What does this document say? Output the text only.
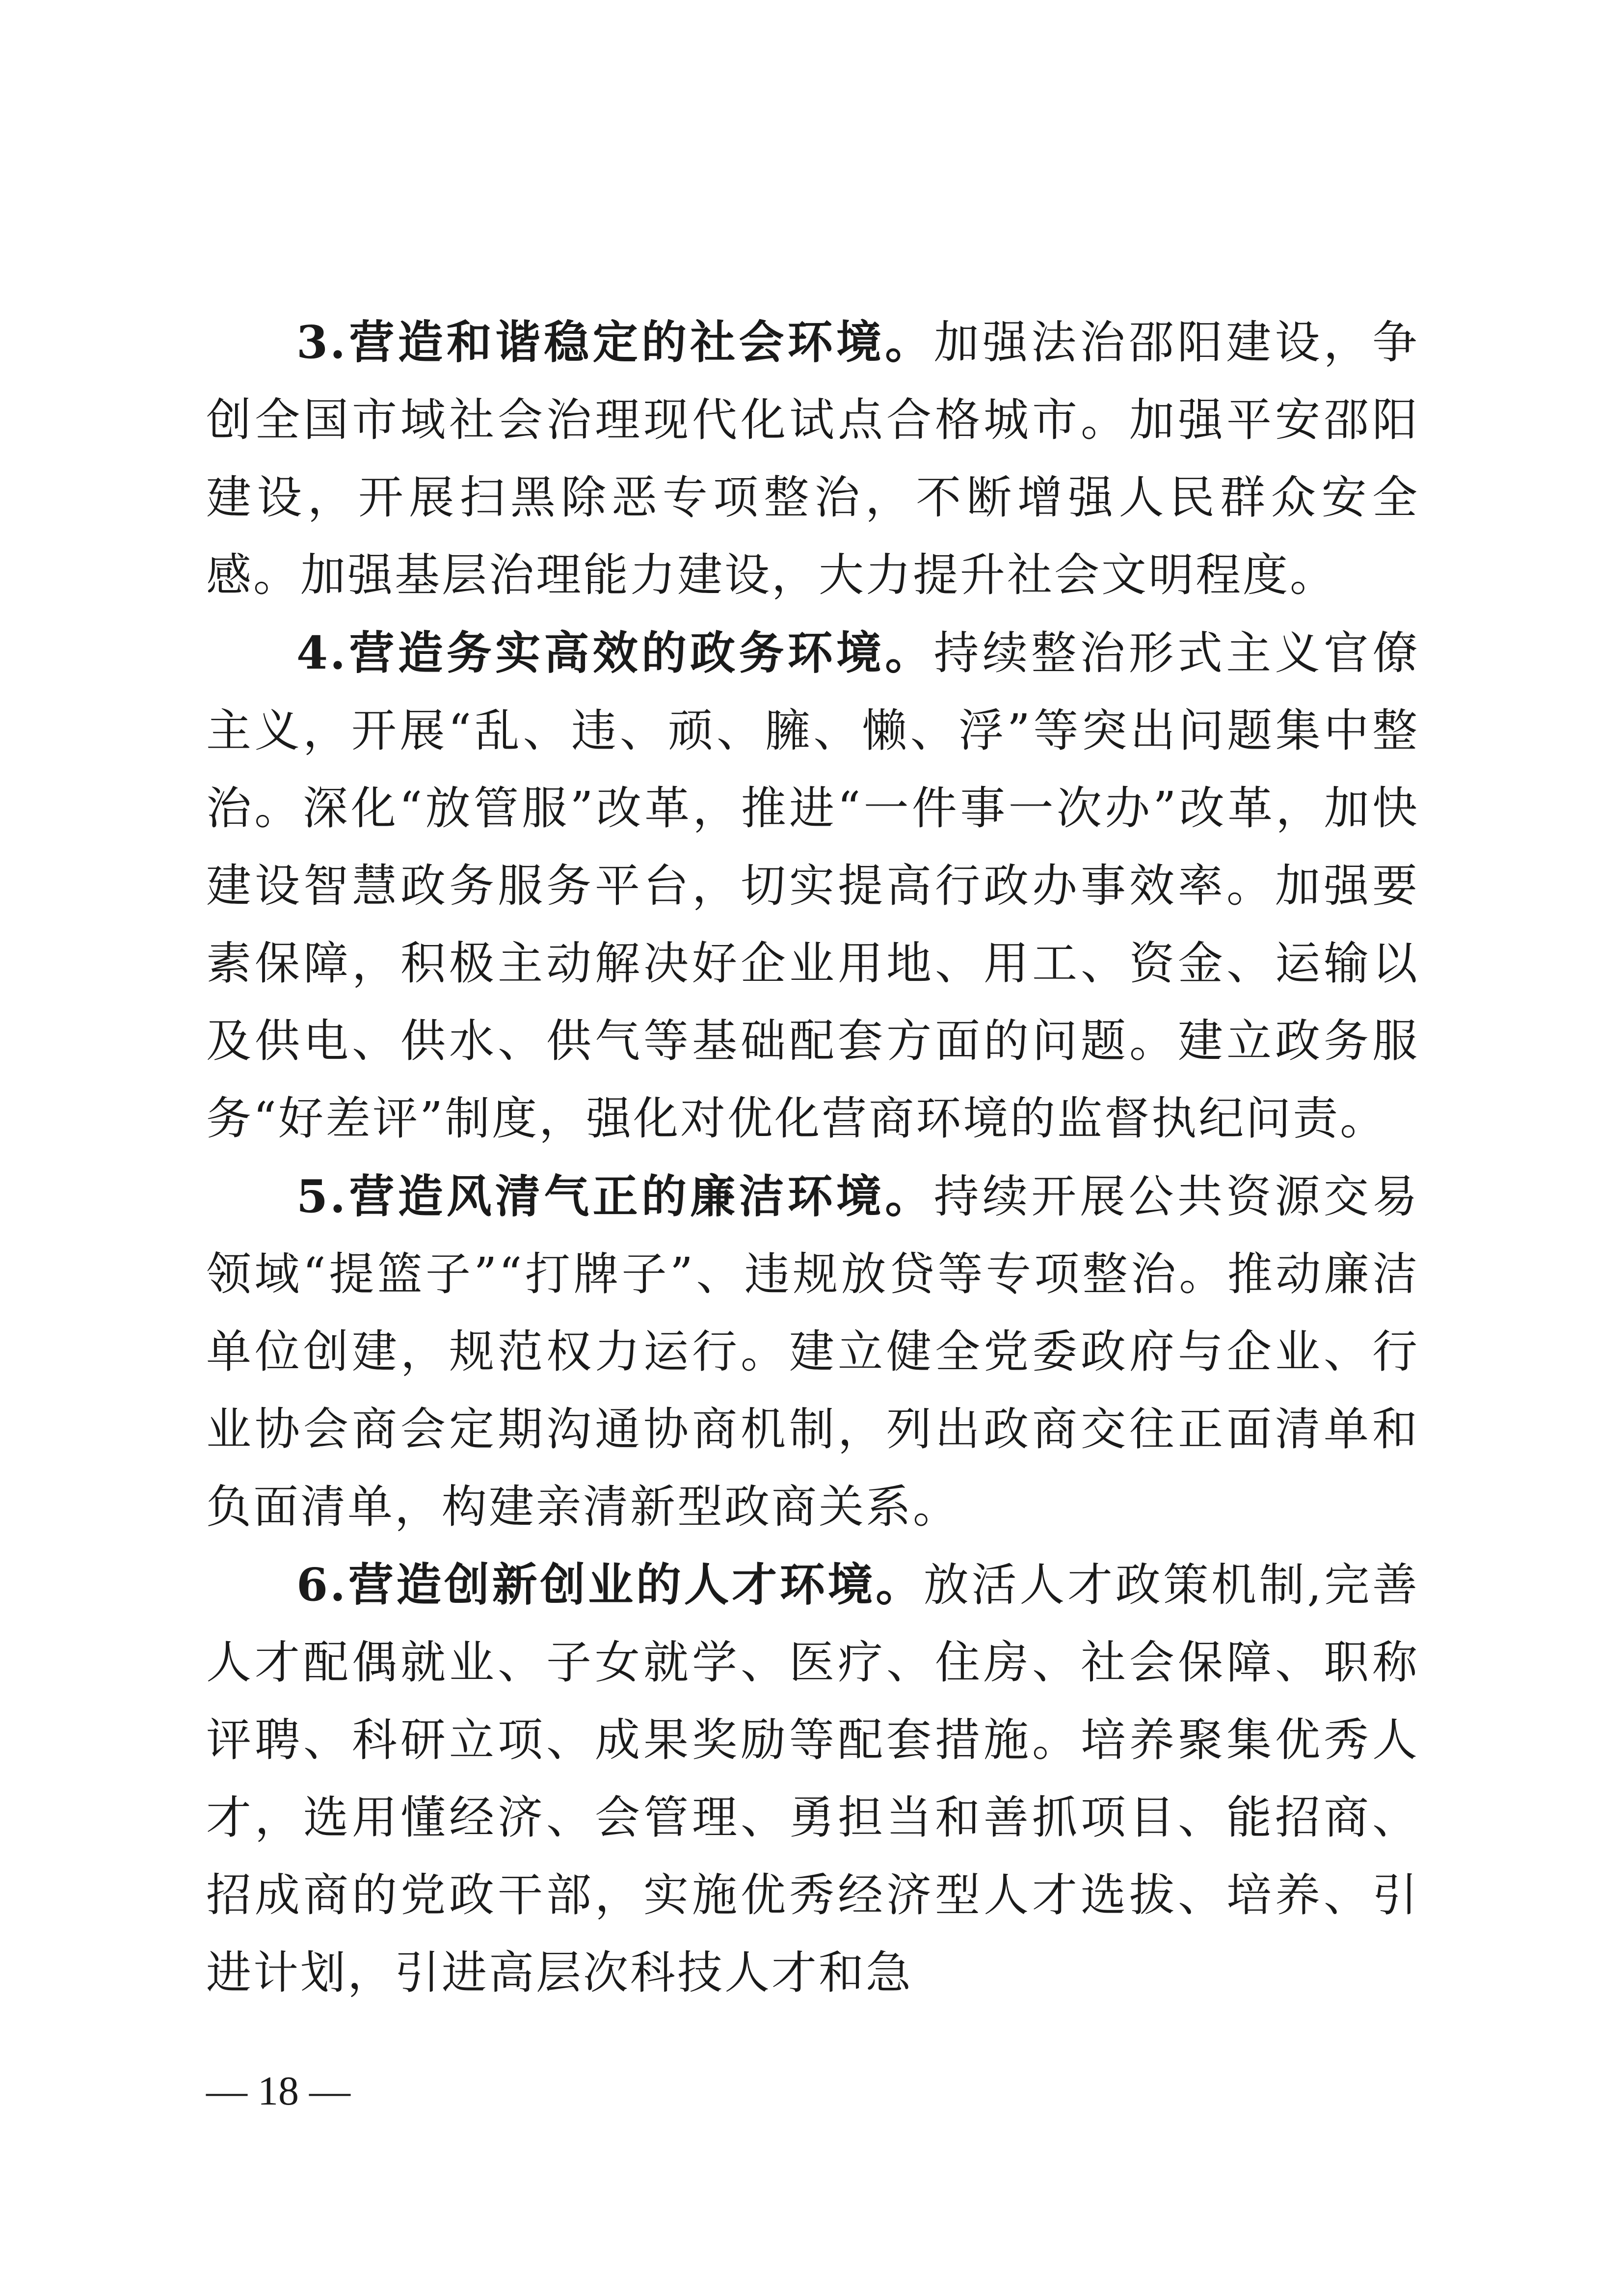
3.营造和谐稳定的社会环境。加强法治邵阳建设，争创全国市域社会治理现代化试点合格城市。加强平安邵阳建设，开展扫黑除恶专项整治，不断增强人民群众安全感。加强基层治理能力建设，大力提升社会文明程度。

4.营造务实高效的政务环境。持续整治形式主义官僚主义，开展“乱、违、顽、臃、懒、浮”等突出问题集中整治。深化“放管服”改革，推进“一件事一次办”改革，加快建设智慧政务服务平台，切实提高行政办事效率。加强要素保障，积极主动解决好企业用地、用工、资金、运输以及供电、供水、供气等基础配套方面的问题。建立政务服务“好差评”制度，强化对优化营商环境的监督执纪问责。

5.营造风清气正的廉洁环境。持续开展公共资源交易领域“提篮子”“打牌子”、违规放贷等专项整治。推动廉洁单位创建，规范权力运行。建立健全党委政府与企业、行业协会商会定期沟通协商机制，列出政商交往正面清单和负面清单，构建亲清新型政商关系。

6.营造创新创业的人才环境。放活人才政策机制,完善人才配偶就业、子女就学、医疗、住房、社会保障、职称评聘、科研立项、成果奖励等配套措施。培养聚集优秀人才，选用懂经济、会管理、勇担当和善抓项目、能招商、招成商的党政干部，实施优秀经济型人才选拔、培养、引进计划，引进高层次科技人才和急

— 18 —
